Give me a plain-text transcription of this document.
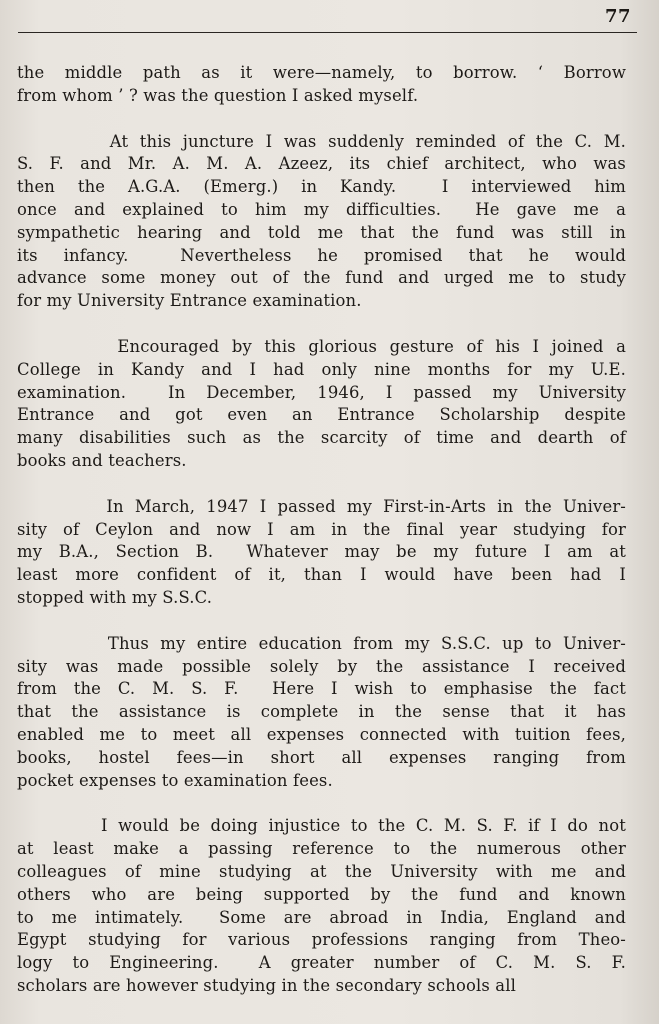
77
the middle path as it were—namely, to borrow. ‘ Borrow
from whom ’ ? was the question I asked myself.
At this juncture I was suddenly reminded of the C. M.
S. F. and Mr. A. M. A. Azeez, its chief architect, who was
then the A.G.A. (Emerg.) in Kandy.  I interviewed him
once and explained to him my difficulties.  He gave me a
sympathetic hearing and told me that the fund was still in
its infancy.  Nevertheless he promised that he would
advance some money out of the fund and urged me to study
for my University Entrance examination.
Encouraged by this glorious gesture of his I joined a
College in Kandy and I had only nine months for my U.E.
examination.  In December, 1946, I passed my University
Entrance and got even an Entrance Scholarship despite
many disabilities such as the scarcity of time and dearth of
books and teachers.
In March, 1947 I passed my First-in-Arts in the Univer-
sity of Ceylon and now I am in the final year studying for
my B.A., Section B.  Whatever may be my future I am at
least more confident of it, than I would have been had I
stopped with my S.S.C.
Thus my entire education from my S.S.C. up to Univer-
sity was made possible solely by the assistance I received
from the C. M. S. F.  Here I wish to emphasise the fact
that the assistance is complete in the sense that it has
enabled me to meet all expenses connected with tuition fees,
books, hostel fees—in short all expenses ranging from
pocket expenses to examination fees.
I would be doing injustice to the C. M. S. F. if I do not
at least make a passing reference to the numerous other
colleagues of mine studying at the University with me and
others who are being supported by the fund and known
to me intimately.  Some are abroad in India, England and
Egypt studying for various professions ranging from Theo-
logy to Engineering.  A greater number of C. M. S. F.
scholars are however studying in the secondary schools all
